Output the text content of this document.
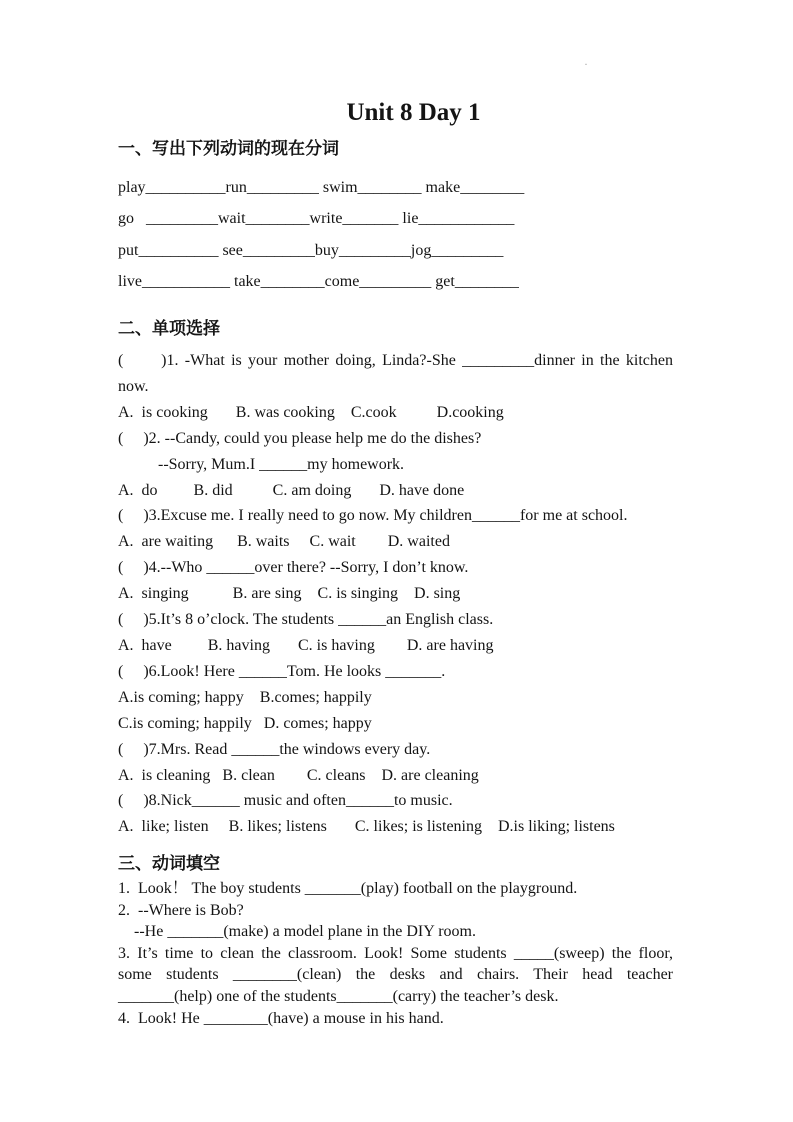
·
Unit 8 Day 1
一、写出下列动词的现在分词
play__________run_________ swim________ make________
go   _________wait________write_______ lie____________
put__________ see_________buy_________jog_________
live___________ take________come_________ get________
二、单项选择
(      )1. -What is your mother doing, Linda?-She _________dinner in the kitchen
now.
A.  is cooking       B. was cooking    C.cook          D.cooking
(     )2. --Candy, could you please help me do the dishes?
--Sorry, Mum.I ______my homework.
A.  do         B. did          C. am doing       D. have done
(     )3.Excuse me. I really need to go now. My children______for me at school.
A.  are waiting      B. waits     C. wait        D. waited
(     )4.--Who ______over there? --Sorry, I don’t know.
A.  singing           B. are sing    C. is singing    D. sing
(     )5.It’s 8 o’clock. The students ______an English class.
A.  have         B. having       C. is having        D. are having
(     )6.Look! Here ______Tom. He looks _______.
A.is coming; happy    B.comes; happily
C.is coming; happily   D. comes; happy
(     )7.Mrs. Read ______the windows every day.
A.  is cleaning   B. clean        C. cleans    D. are cleaning
(     )8.Nick______ music and often______to music.
A.  like; listen     B. likes; listens       C. likes; is listening    D.is liking; listens
三、动词填空
1.  Look！ The boy students _______(play) football on the playground.
2.  --Where is Bob?
--He _______(make) a model plane in the DIY room.
3. It’s time to clean the classroom. Look! Some students _____(sweep) the floor,
some students ________(clean) the desks and chairs. Their head teacher
_______(help) one of the students_______(carry) the teacher’s desk.
4.  Look! He ________(have) a mouse in his hand.
